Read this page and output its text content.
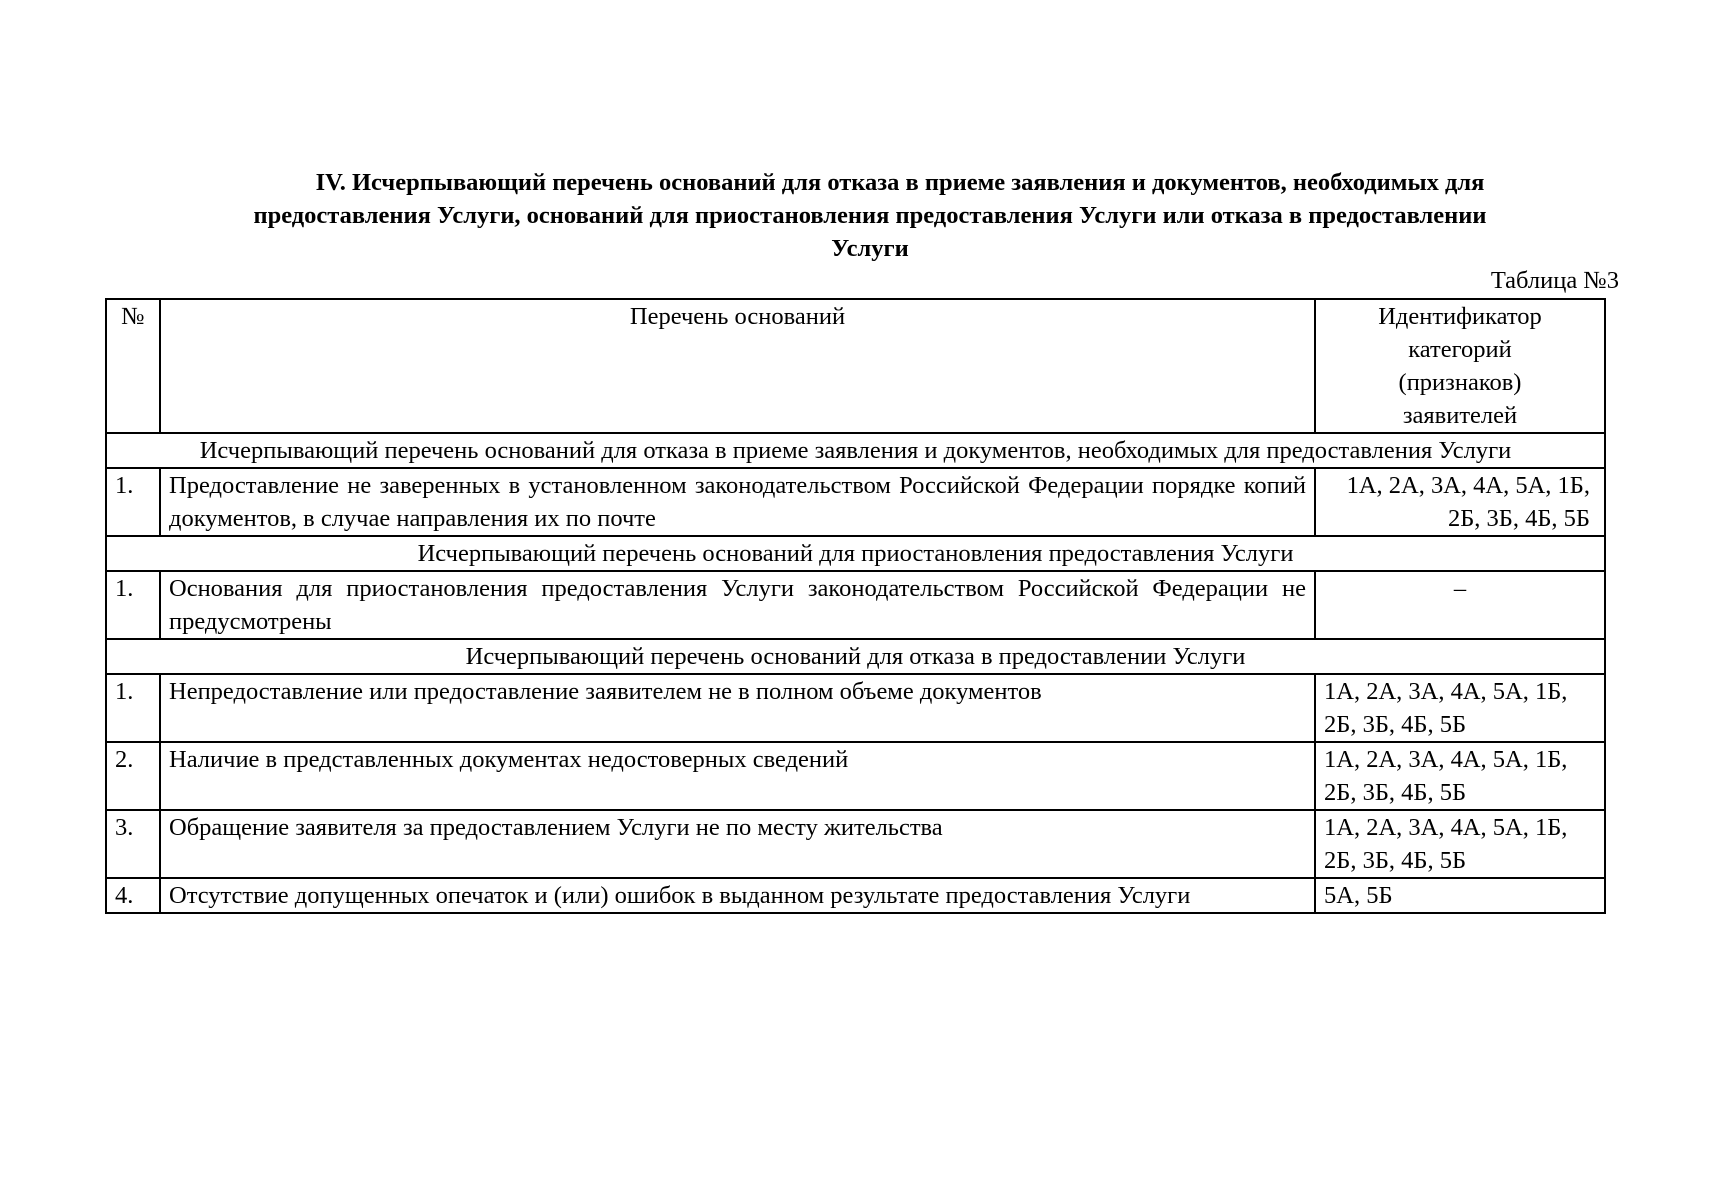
IV. Исчерпывающий перечень оснований для отказа в приеме заявления и документов, необходимых для
предоставления Услуги, оснований для приостановления предоставления Услуги или отказа в предоставлении
Услуги
Таблица №3
№	Перечень оснований	Идентификатор категорий (признаков) заявителей
Исчерпывающий перечень оснований для отказа в приеме заявления и документов, необходимых для предоставления Услуги		
1.	Предоставление не заверенных в установленном законодательством Российской Федерации порядке копий документов, в случае направления их по почте	1А, 2А, 3А, 4А, 5А, 1Б, 2Б, 3Б, 4Б, 5Б
Исчерпывающий перечень оснований для приостановления предоставления Услуги		
1.	Основания для приостановления предоставления Услуги законодательством Российской Федерации не предусмотрены	–
Исчерпывающий перечень оснований для отказа в предоставлении Услуги		
1.	Непредоставление или предоставление заявителем не в полном объеме документов	1А, 2А, 3А, 4А, 5А, 1Б, 2Б, 3Б, 4Б, 5Б
2.	Наличие в представленных документах недостоверных сведений	1А, 2А, 3А, 4А, 5А, 1Б, 2Б, 3Б, 4Б, 5Б
3.	Обращение заявителя за предоставлением Услуги не по месту жительства	1А, 2А, 3А, 4А, 5А, 1Б, 2Б, 3Б, 4Б, 5Б
4.	Отсутствие допущенных опечаток и (или) ошибок в выданном результате предоставления Услуги	5А, 5Б
